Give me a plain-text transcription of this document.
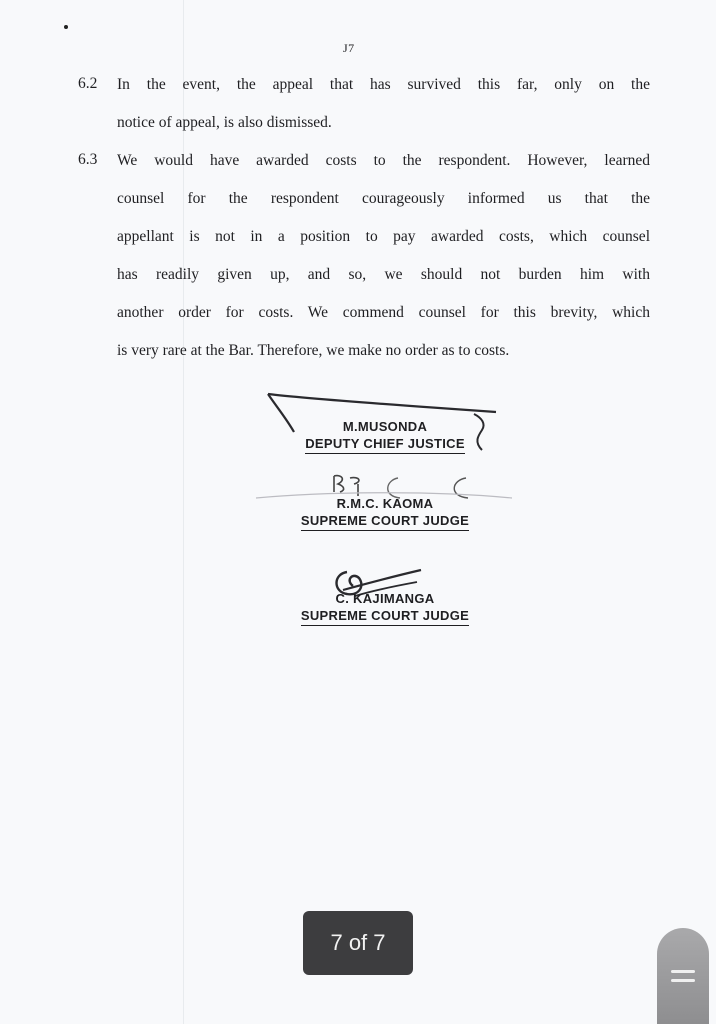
J7
6.2 In the event, the appeal that has survived this far, only on the
notice of appeal, is also dismissed.
6.3 We would have awarded costs to the respondent. However, learned
counsel for the respondent courageously informed us that the
appellant is not in a position to pay awarded costs, which counsel
has readily given up, and so, we should not burden him with
another order for costs. We commend counsel for this brevity, which
is very rare at the Bar. Therefore, we make no order as to costs.
M.MUSONDA
DEPUTY CHIEF JUSTICE
R.M.C. KAOMA
SUPREME COURT JUDGE
C. KAJIMANGA
SUPREME COURT JUDGE
7 of 7
